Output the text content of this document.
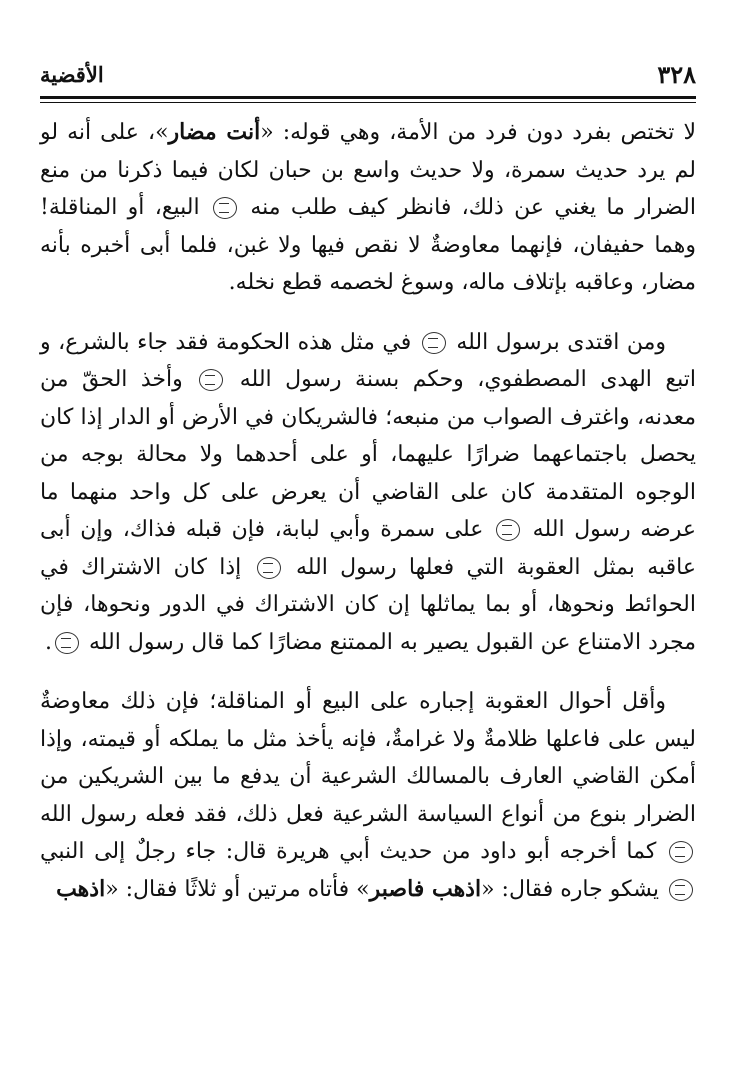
٣٢٨
الأقضية

لا تختص بفرد دون فرد من الأمة، وهي قوله: «أنت مضار»، على أنه لو لم يرد حديث سمرة، ولا حديث واسع بن حبان لكان فيما ذكرنا من منع الضرار ما يغني عن ذلك، فانظر كيف طلب منه  البيع، أو المناقلة! وهما حفيفان، فإنهما معاوضةٌ لا نقص فيها ولا غبن، فلما أبى أخبره بأنه مضار، وعاقبه بإتلاف ماله، وسوغ لخصمه قطع نخله.

ومن اقتدى برسول الله  في مثل هذه الحكومة فقد جاء بالشرع، و اتبع الهدى المصطفوي، وحكم بسنة رسول الله  وأخذ الحقّ من معدنه، واغترف الصواب من منبعه؛ فالشريكان في الأرض أو الدار إذا كان يحصل باجتماعهما ضرارًا عليهما، أو على أحدهما ولا محالة بوجه من الوجوه المتقدمة كان على القاضي أن يعرض على كل واحد منهما ما عرضه رسول الله  على سمرة وأبي لبابة، فإن قبله فذاك، وإن أبى عاقبه بمثل العقوبة التي فعلها رسول الله  إذا كان الاشتراك في الحوائط ونحوها، أو بما يماثلها إن كان الاشتراك في الدور ونحوها، فإن مجرد الامتناع عن القبول يصير به الممتنع مضارًا كما قال رسول الله .

وأقل أحوال العقوبة إجباره على البيع أو المناقلة؛ فإن ذلك معاوضةٌ ليس على فاعلها ظلامةٌ ولا غرامةٌ، فإنه يأخذ مثل ما يملكه أو قيمته، وإذا أمكن القاضي العارف بالمسالك الشرعية أن يدفع ما بين الشريكين من الضرار بنوع من أنواع السياسة الشرعية فعل ذلك، فقد فعله رسول الله  كما أخرجه أبو داود من حديث أبي هريرة قال: جاء رجلٌ إلى النبي  يشكو جاره فقال: «اذهب فاصبر» فأتاه مرتين أو ثلاثًا فقال: «اذهب
